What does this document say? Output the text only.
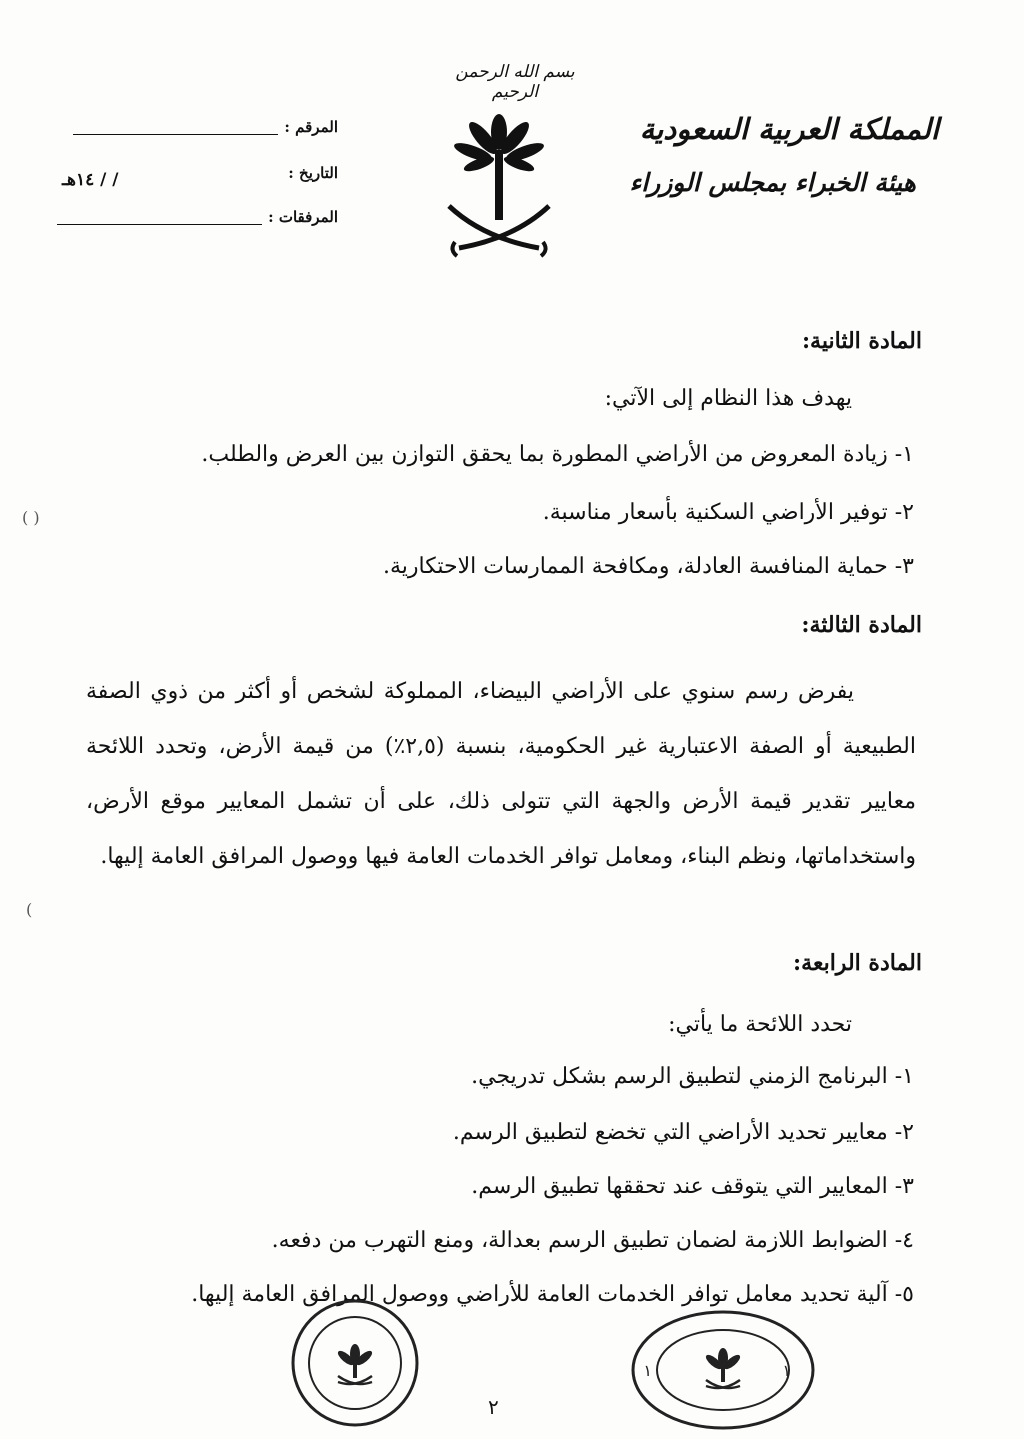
بسم الله الرحمن الرحيم
المملكة العربية السعودية
هيئة الخبراء بمجلس الوزراء
المرقم :
التاريخ :
/ / ١٤هـ
المرفقات :
المادة الثانية:
يهدف هذا النظام إلى الآتي:
١- زيادة المعروض من الأراضي المطورة بما يحقق التوازن بين العرض والطلب.
٢- توفير الأراضي السكنية بأسعار مناسبة.
٣- حماية المنافسة العادلة، ومكافحة الممارسات الاحتكارية.
( )
المادة الثالثة:
يفرض رسم سنوي على الأراضي البيضاء، المملوكة لشخص أو أكثر من ذوي الصفة الطبيعية أو الصفة الاعتبارية غير الحكومية، بنسبة (٢,٥٪) من قيمة الأرض، وتحدد اللائحة معايير تقدير قيمة الأرض والجهة التي تتولى ذلك، على أن تشمل المعايير موقع الأرض، واستخداماتها، ونظم البناء، ومعامل توافر الخدمات العامة فيها ووصول المرافق العامة إليها.
)
المادة الرابعة:
تحدد اللائحة ما يأتي:
١- البرنامج الزمني لتطبيق الرسم بشكل تدريجي.
٢- معايير تحديد الأراضي التي تخضع لتطبيق الرسم.
٣- المعايير التي يتوقف عند تحققها تطبيق الرسم.
٤- الضوابط اللازمة لضمان تطبيق الرسم بعدالة، ومنع التهرب من دفعه.
٥- آلية تحديد معامل توافر الخدمات العامة للأراضي ووصول المرافق العامة إليها.
١
١
٢
